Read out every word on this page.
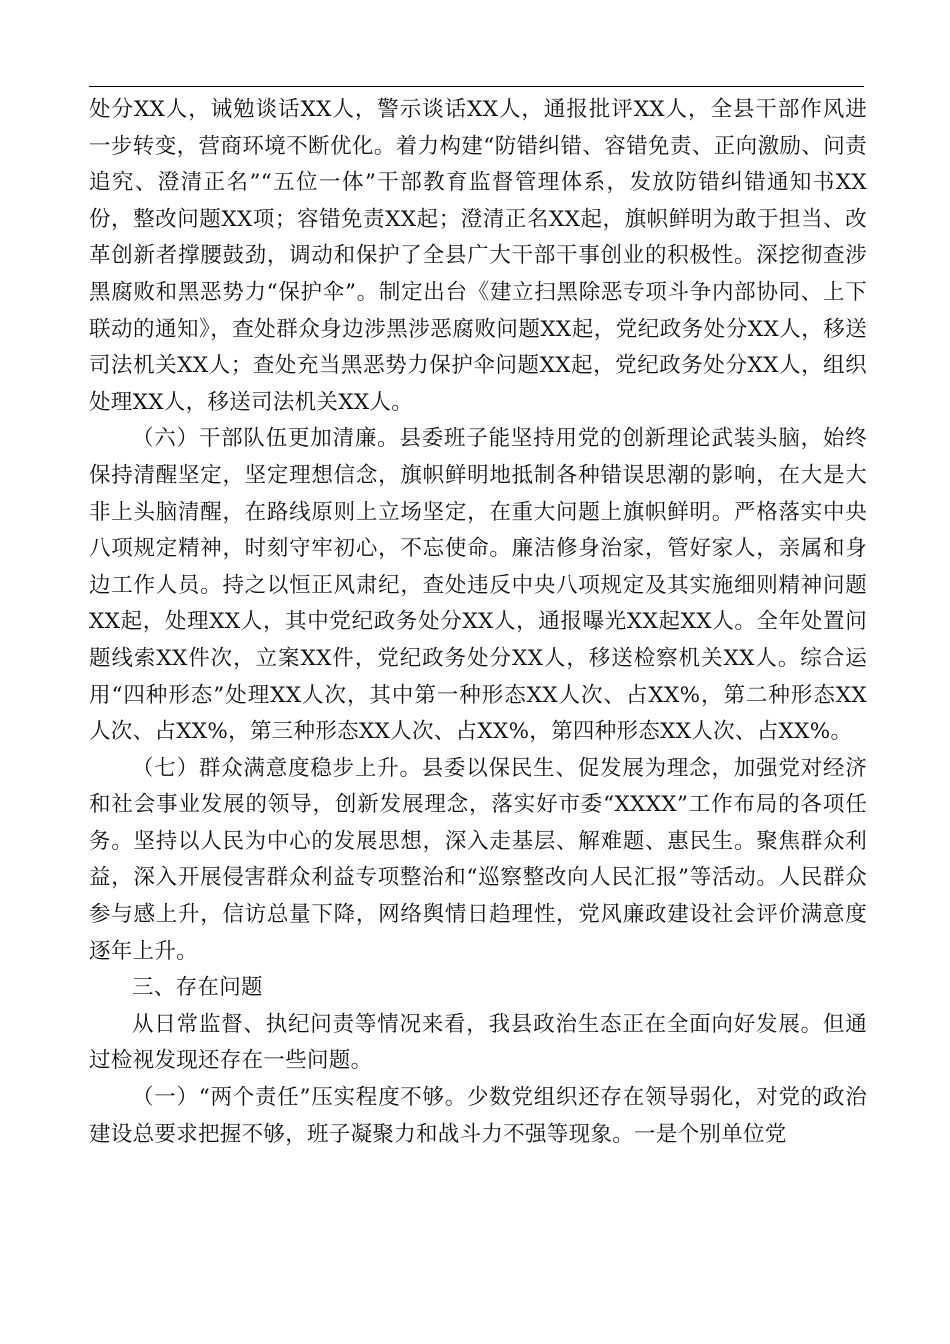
处分XX人，诫勉谈话XX人，警示谈话XX人，通报批评XX人，全县干部作风进一步转变，营商环境不断优化。着力构建“防错纠错、容错免责、正向激励、问责追究、澄清正名”“五位一体”干部教育监督管理体系，发放防错纠错通知书XX份，整改问题XX项；容错免责XX起；澄清正名XX起，旗帜鲜明为敢于担当、改革创新者撑腰鼓劲，调动和保护了全县广大干部干事创业的积极性。深挖彻查涉黑腐败和黑恶势力“保护伞”。制定出台《建立扫黑除恶专项斗争内部协同、上下联动的通知》，查处群众身边涉黑涉恶腐败问题XX起，党纪政务处分XX人，移送司法机关XX人；查处充当黑恶势力保护伞问题XX起，党纪政务处分XX人，组织处理XX人，移送司法机关XX人。

（六）干部队伍更加清廉。县委班子能坚持用党的创新理论武装头脑，始终保持清醒坚定，坚定理想信念，旗帜鲜明地抵制各种错误思潮的影响，在大是大非上头脑清醒，在路线原则上立场坚定，在重大问题上旗帜鲜明。严格落实中央八项规定精神，时刻守牢初心，不忘使命。廉洁修身治家，管好家人，亲属和身边工作人员。持之以恒正风肃纪，查处违反中央八项规定及其实施细则精神问题XX起，处理XX人，其中党纪政务处分XX人，通报曝光XX起XX人。全年处置问题线索XX件次，立案XX件，党纪政务处分XX人，移送检察机关XX人。综合运用“四种形态”处理XX人次，其中第一种形态XX人次、占XX%，第二种形态XX人次、占XX%，第三种形态XX人次、占XX%，第四种形态XX人次、占XX%。

（七）群众满意度稳步上升。县委以保民生、促发展为理念，加强党对经济和社会事业发展的领导，创新发展理念，落实好市委“XXXX”工作布局的各项任务。坚持以人民为中心的发展思想，深入走基层、解难题、惠民生。聚焦群众利益，深入开展侵害群众利益专项整治和“巡察整改向人民汇报”等活动。人民群众参与感上升，信访总量下降，网络舆情日趋理性，党风廉政建设社会评价满意度逐年上升。

三、存在问题

从日常监督、执纪问责等情况来看，我县政治生态正在全面向好发展。但通过检视发现还存在一些问题。

（一）“两个责任”压实程度不够。少数党组织还存在领导弱化，对党的政治建设总要求把握不够，班子凝聚力和战斗力不强等现象。一是个别单位党
